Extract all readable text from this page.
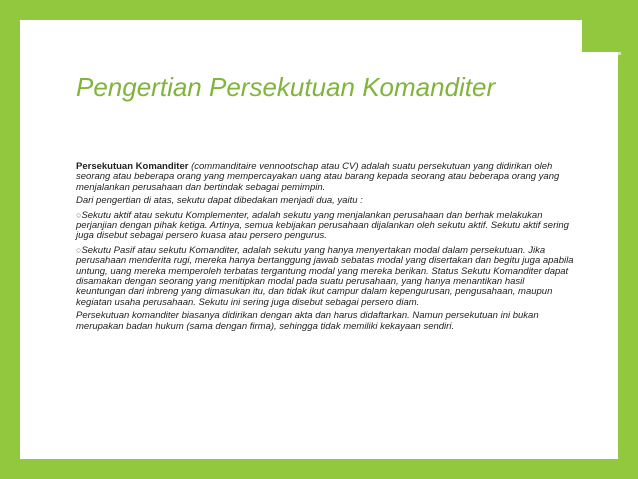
Pengertian Persekutuan Komanditer

Persekutuan Komanditer (commanditaire vennootschap atau CV) adalah suatu persekutuan yang didirikan oleh seorang atau beberapa orang yang mempercayakan uang atau barang kepada seorang atau beberapa orang yang menjalankan perusahaan dan bertindak sebagai pemimpin.

Dari pengertian di atas, sekutu dapat dibedakan menjadi dua, yaitu :

○Sekutu aktif atau sekutu Komplementer, adalah sekutu yang menjalankan perusahaan dan berhak melakukan perjanjian dengan pihak ketiga. Artinya, semua kebijakan perusahaan dijalankan oleh sekutu aktif. Sekutu aktif sering juga disebut sebagai persero kuasa atau persero pengurus.

○Sekutu Pasif atau sekutu Komanditer, adalah sekutu yang hanya menyertakan modal dalam persekutuan. Jika perusahaan menderita rugi, mereka hanya bertanggung jawab sebatas modal yang disertakan dan begitu juga apabila untung, uang mereka memperoleh terbatas tergantung modal yang mereka berikan. Status Sekutu Komanditer dapat disamakan dengan seorang yang menitipkan modal pada suatu perusahaan, yang hanya menantikan hasil keuntungan dari inbreng yang dimasukan itu, dan tidak ikut campur dalam kepengurusan, pengusahaan, maupun kegiatan usaha perusahaan. Sekutu ini sering juga disebut sebagai persero diam.

Persekutuan komanditer biasanya didirikan dengan akta dan harus didaftarkan. Namun persekutuan ini bukan merupakan badan hukum (sama dengan firma), sehingga tidak memiliki kekayaan sendiri.
